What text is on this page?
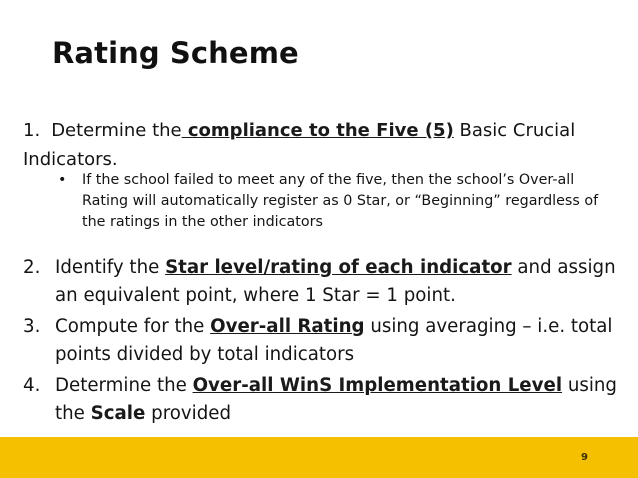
Rating Scheme
1. Determine the compliance to the Five (5) Basic Crucial Indicators.
• If the school failed to meet any of the five, then the school’s Over-all Rating will automatically register as 0 Star, or “Beginning” regardless of the ratings in the other indicators
2. Identify the Star level/rating of each indicator and assign an equivalent point, where 1 Star = 1 point.
3. Compute for the Over-all Rating using averaging – i.e. total points divided by total indicators
4. Determine the Over-all WinS Implementation Level using the Scale provided
9
